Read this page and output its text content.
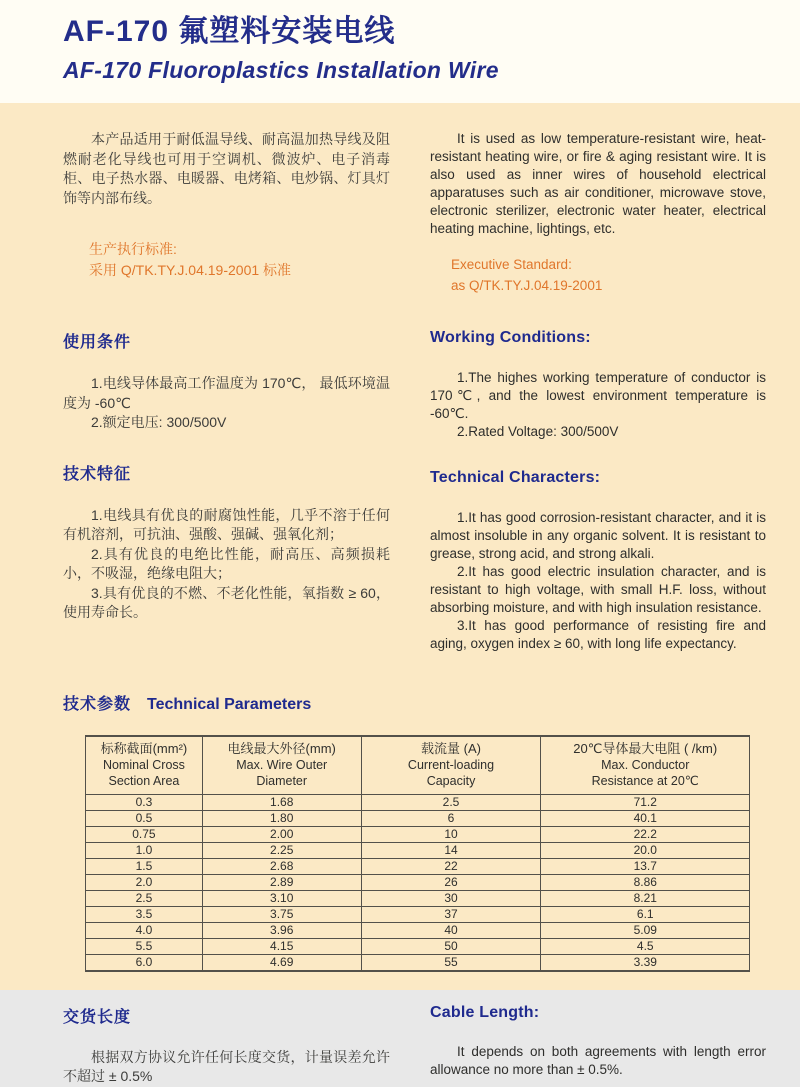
AF-170 氟塑料安装电线
AF-170 Fluoroplastics Installation Wire

本产品适用于耐低温导线、耐高温加热导线及阻燃耐老化导线也可用于空调机、微波炉、电子消毒柜、电子热水器、电暖器、电烤箱、电炒锅、灯具灯饰等内部布线。

生产执行标准:
采用 Q/TK.TY.J.04.19-2001 标准

It is used as low temperature-resistant wire, heat-resistant heating wire, or fire & aging resistant wire. It is also used as inner wires of household electrical apparatuses such as air conditioner, microwave stove, electronic sterilizer, electronic water heater, electrical heating machine, lightings, etc.

Executive Standard:
as Q/TK.TY.J.04.19-2001
使用条件

1.电线导体最高工作温度为 170℃， 最低环境温度为 -60℃

2.额定电压: 300/500V

技术特征

1.电线具有优良的耐腐蚀性能，几乎不溶于任何有机溶剂，可抗油、强酸、强碱、强氧化剂；

2.具有优良的电绝比性能，耐高压、高频损耗小，不吸湿，绝缘电阻大；

3.具有优良的不燃、不老化性能，氧指数 ≥ 60，使用寿命长。

Working Conditions:

1.The highes working temperature of conductor is 170℃, and the lowest environment temperature is -60℃.

2.Rated Voltage: 300/500V

Technical Characters:

1.It has good corrosion-resistant character, and it is almost insoluble in any organic solvent. It is resistant to grease, strong acid, and strong alkali.

2.It has good electric insulation character, and is resistant to high voltage, with small H.F. loss, without absorbing moisture, and with high insulation resistance.

3.It has good performance of resisting fire and aging, oxygen index ≥ 60, with long life expectancy.

技术参数 Technical Parameters
标称截面(mm²)
Nominal Cross
Section Area

电线最大外径(mm)
Max. Wire Outer
Diameter

载流量 (A)
Current-loading
Capacity

20℃导体最大电阻 ( /km)
Max. Conductor
Resistance at 20℃

0.3	1.68	2.5	71.2
0.5	1.80	6	40.1
0.75	2.00	10	22.2
1.0	2.25	14	20.0
1.5	2.68	22	13.7
2.0	2.89	26	8.86
2.5	3.10	30	8.21
3.5	3.75	37	6.1
4.0	3.96	40	5.09
5.5	4.15	50	4.5
6.0	4.69	55	3.39
交货长度

根据双方协议允许任何长度交货，计量误差允许不超过 ± 0.5%

Cable Length:

It depends on both agreements with length error allowance no more than ± 0.5%.
